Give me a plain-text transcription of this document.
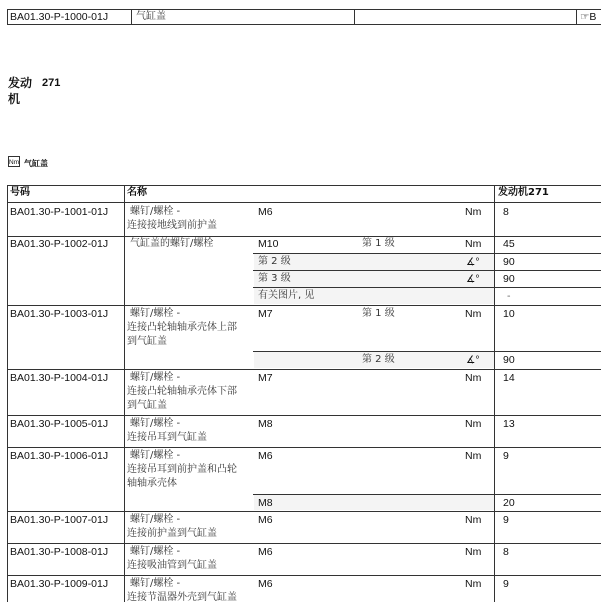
BA01.30-P-1000-01J	气缸盖	☞B
发动 271
机
Nm 气缸盖
号码	名称	发动机271
BA01.30-P-1001-01J 螺钉/螺栓 -
连接接地线到前护盖
M6	Nm 8
BA01.30-P-1002-01J 气缸盖的螺钉/螺栓	M10	第 1 级	Nm 45
第 2 级	∡° 90
第 3 级	∡° 90
有关图片, 见	-
BA01.30-P-1003-01J 螺钉/螺栓 -
连接凸轮轴轴承壳体上部
到气缸盖
M7	第 1 级	Nm 10
第 2 级	∡° 90
BA01.30-P-1004-01J 螺钉/螺栓 -
连接凸轮轴轴承壳体下部
到气缸盖
M7	Nm 14
BA01.30-P-1005-01J 螺钉/螺栓 -
连接吊耳到气缸盖
M8	Nm 13
BA01.30-P-1006-01J 螺钉/螺栓 -
连接吊耳到前护盖和凸轮
轴轴承壳体
M6	Nm 9
M8	20
BA01.30-P-1007-01J 螺钉/螺栓 -
连接前护盖到气缸盖
M6	Nm 9
BA01.30-P-1008-01J 螺钉/螺栓 -
连接吸油管到气缸盖
M6	Nm 8
BA01.30-P-1009-01J 螺钉/螺栓 -
连接节温器外壳到气缸盖
M6	Nm 9
